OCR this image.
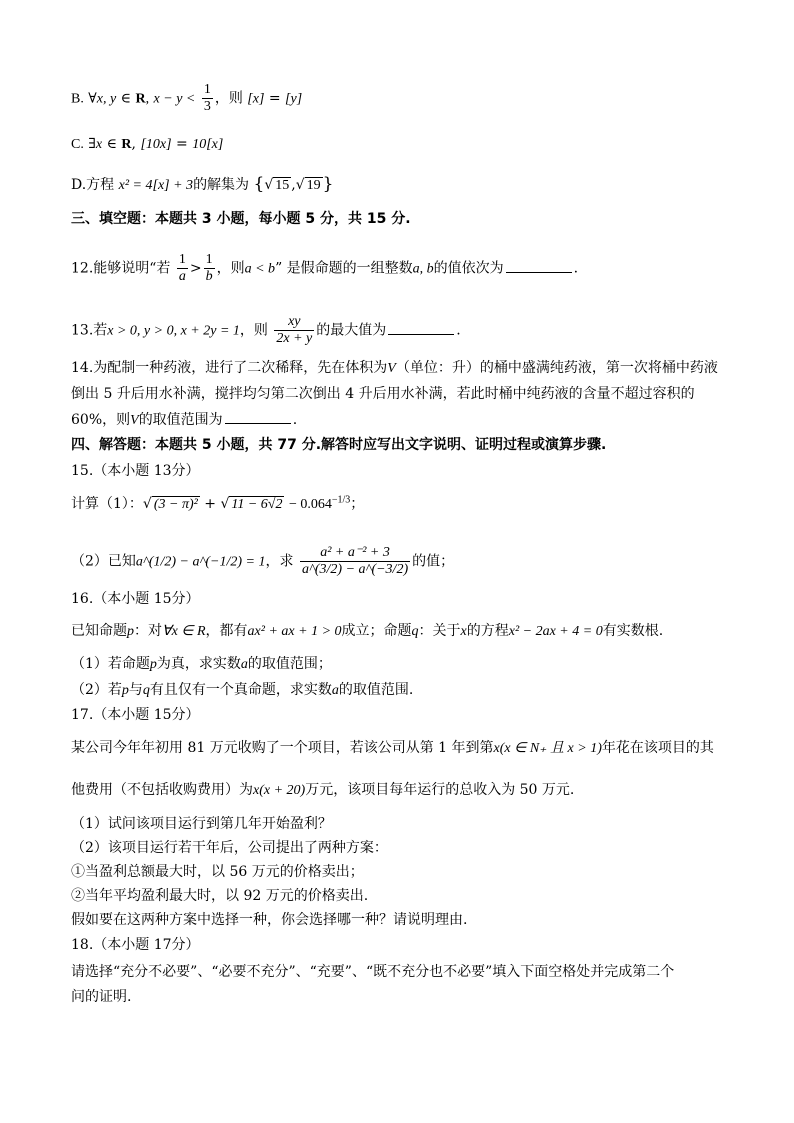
B. ∀x, y ∈ R, $x - y < \frac{1}{3}$ ，则 [x] = [y]
C. ∃x ∈ R, [10x] = 10[x]
D.方程 x² = 4[x] + 3的解集为 {√ 15 ,√ 19 }
三、填空题：本题共 3 小题，每小题 5 分，共 15 分.
12.能够说明“若 $\frac{1}{a} > \frac{1}{b}$ ，则a < b” 是假命题的一组整数a, b的值依次为	.
13.若x > 0, y > 0, x + 2y = 1，则 $\frac{xy}{2x + y}$ 的最大值为	.
14.为配制一种药液，进行了二次稀释，先在体积为V（单位：升）的桶中盛满纯药液，第一次将桶中药液
倒出 5 升后用水补满，搅拌均匀第二次倒出 4 升后用水补满，若此时桶中纯药液的含量不超过容积的
60%，则V的取值范围为	.
四、解答题：本题共 5 小题，共 77 分.解答时应写出文字说明、证明过程或演算步骤.
15.（本小题 13分）
计算（1）：√ (3 − π)² + √ $11 - 6√2 - 0.064^{-1/3}$；
（2）已知a^(1/2) − a^(−1/2) = 1，求 $\frac{\text{a² + a⁻² + 3}}{a\^{}(3/2) - a\^{}(-3/2)}$ 的值；
16.（本小题 15分）
已知命题p：对∀x ∈ R，都有ax² + ax + 1 > 0成立；命题q：关于x的方程x² − 2ax + 4 = 0有实数根.
（1）若命题p为真，求实数a的取值范围；
（2）若p与q有且仅有一个真命题，求实数a的取值范围.
17.（本小题 15分）
某公司今年年初用 81 万元收购了一个项目，若该公司从第 1 年到第x(x ∈ N₊ 且 x > 1)年花在该项目的其
他费用（不包括收购费用）为x(x + 20)万元，该项目每年运行的总收入为 50 万元.
（1）试问该项目运行到第几年开始盈利？
（2）该项目运行若干年后，公司提出了两种方案：
①当盈利总额最大时，以 56 万元的价格卖出；
②当年平均盈利最大时，以 92 万元的价格卖出.
假如要在这两种方案中选择一种，你会选择哪一种？请说明理由.
18.（本小题 17分）
请选择“充分不必要”、“必要不充分”、“充要”、“既不充分也不必要”填入下面空格处并完成第二个
问的证明.
